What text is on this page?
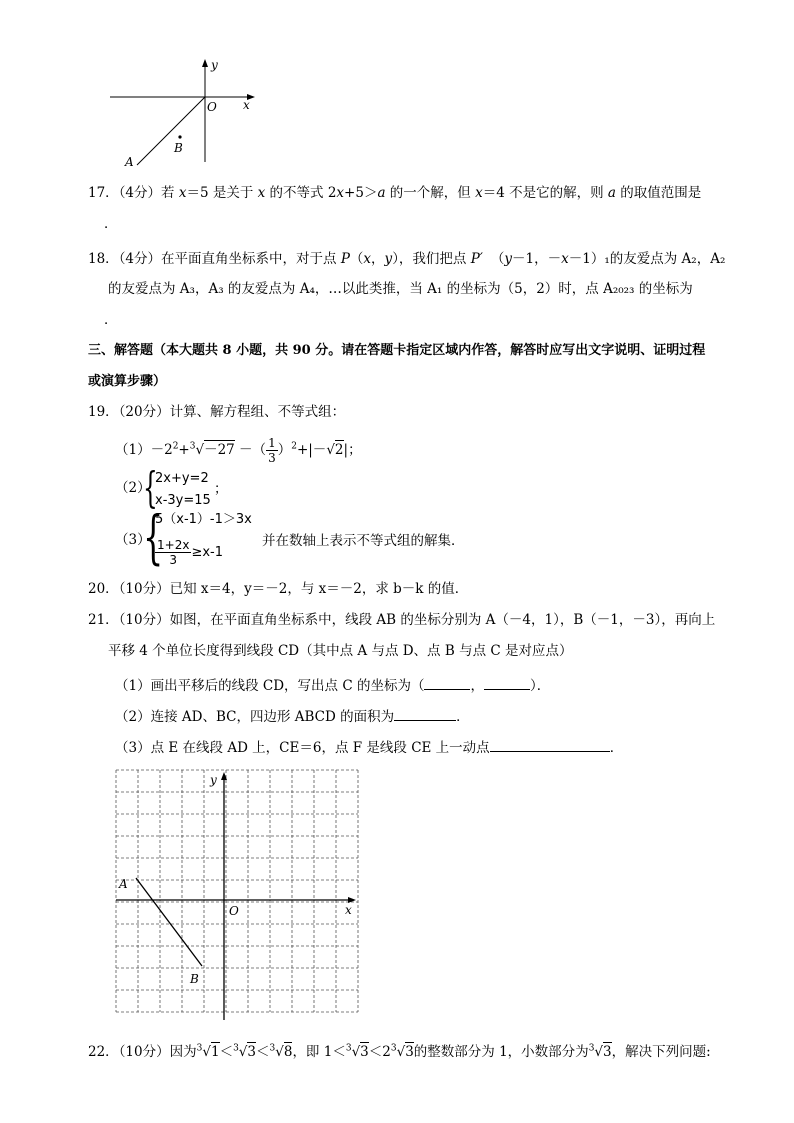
y
x
O
A
B
17．（4分）若 x＝5 是关于 x 的不等式 2x+5＞a 的一个解，但 x＝4 不是它的解，则 a 的取值范围是
．
18．（4分）在平面直角坐标系中，对于点 P（x，y），我们把点 P′ （y－1，－x－1）₁的友爱点为 A₂，A₂
的友爱点为 A₃，A₃ 的友爱点为 A₄，…以此类推，当 A₁ 的坐标为（5，2）时，点 A₂₀₂₃ 的坐标为
．
三、解答题（本大题共 8 小题，共 90 分。请在答题卡指定区域内作答，解答时应写出文字说明、证明过程
或演算步骤）
19．（20分）计算、解方程组、不等式组：
$(1)-2^2+^3√-27$ －（ $\frac{1}{3} )^2+|-√2|$；
（2）
{
2x+y=2
x-3y=15
；
（3）
{
5（x-1）-1＞3x
$\frac{1+2x}{3} \ge x-1$
并在数轴上表示不等式组的解集．
20．（10分）已知 x＝4，y＝－2，与 x＝－2，求 b－k 的值．
21．（10分）如图，在平面直角坐标系中，线段 AB 的坐标分别为 A（－4，1），B（－1，－3），再向上
平移 4 个单位长度得到线段 CD（其中点 A 与点 D、点 B 与点 C 是对应点）
（1）画出平移后的线段 CD，写出点 C 的坐标为（	，	）．
（2）连接 AD、BC，四边形 ABCD 的面积为	．
（3）点 E 在线段 AD 上，CE＝6，点 F 是线段 CE 上一动点	．
y
x
O
A
B
22．（10分）因为$^3$√1＜$^3$√3＜$^3$√8，即 $1<^3√3<2^3√3$的整数部分为 1，小数部分为$^3$√3，解决下列问题:
